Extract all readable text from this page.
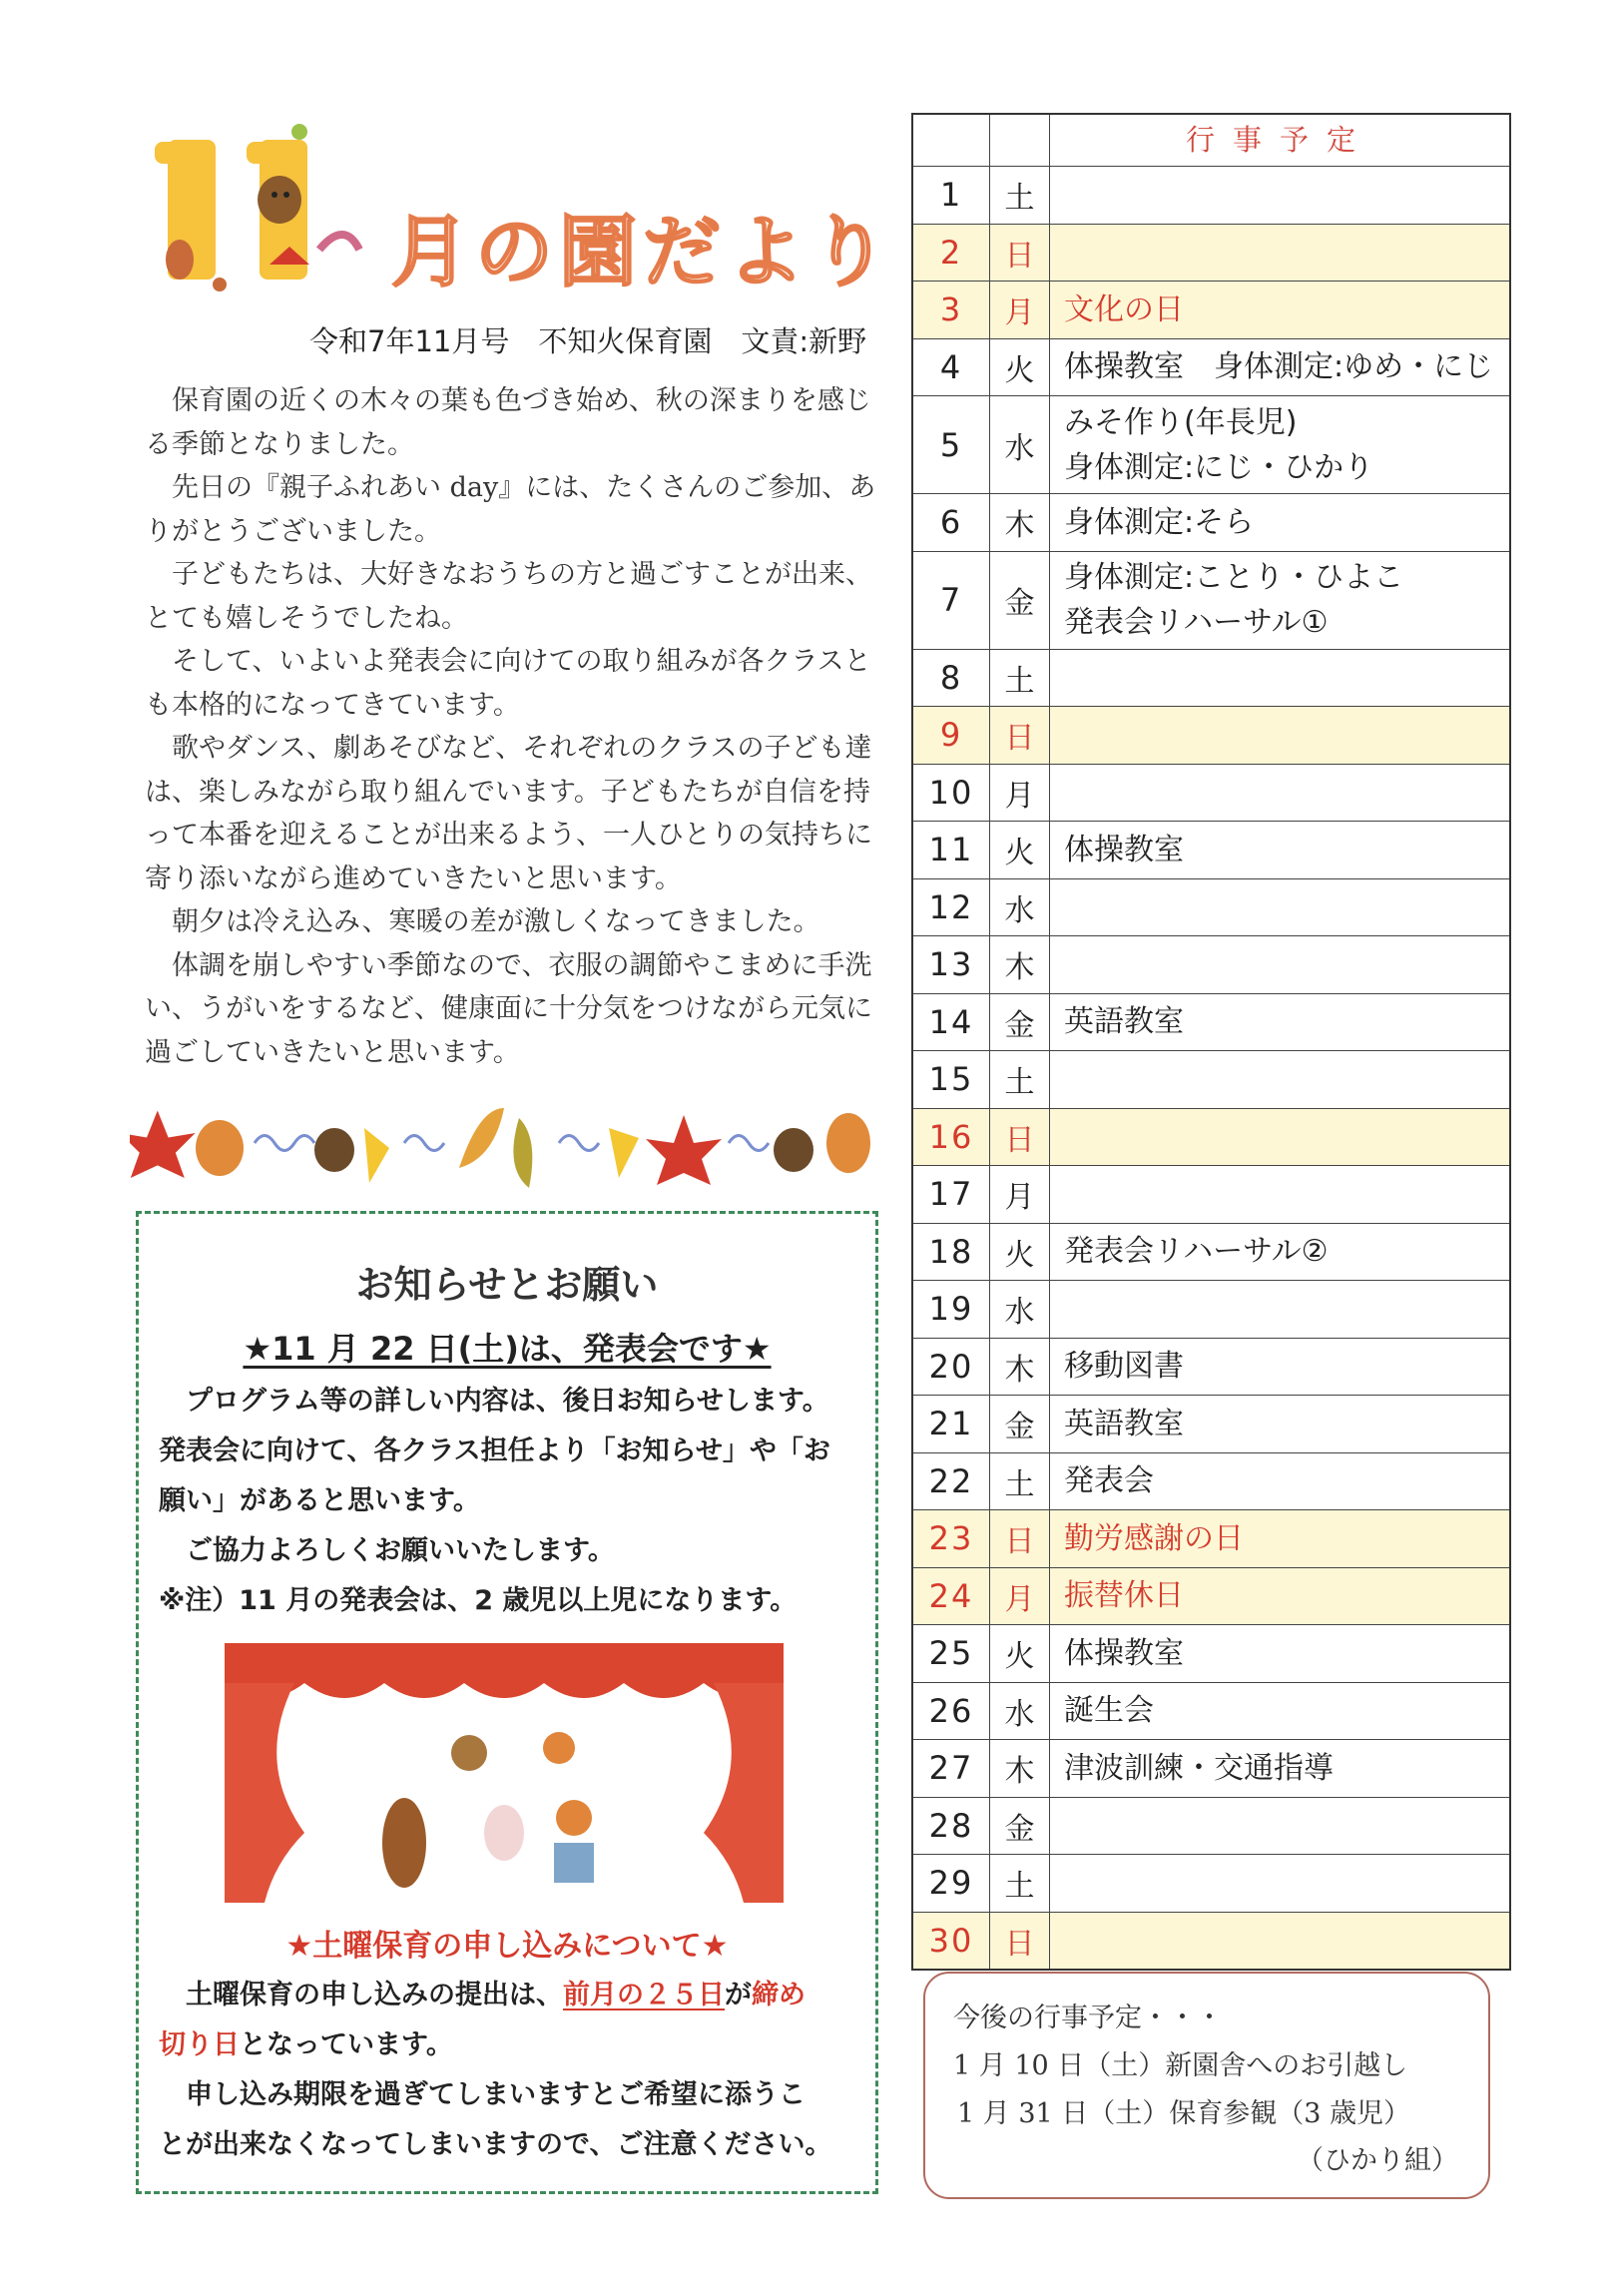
月の園だより
令和7年11月号　不知火保育園　文責:新野

保育園の近くの木々の葉も色づき始め、秋の深まりを感じる季節となりました。

先日の『親子ふれあい day』には、たくさんのご参加、ありがとうございました。

子どもたちは、大好きなおうちの方と過ごすことが出来、とても嬉しそうでしたね。

そして、いよいよ発表会に向けての取り組みが各クラスとも本格的になってきています。

歌やダンス、劇あそびなど、それぞれのクラスの子ども達は、楽しみながら取り組んでいます。子どもたちが自信を持って本番を迎えることが出来るよう、一人ひとりの気持ちに寄り添いながら進めていきたいと思います。

朝夕は冷え込み、寒暖の差が激しくなってきました。

体調を崩しやすい季節なので、衣服の調節やこまめに手洗い、うがいをするなど、健康面に十分気をつけながら元気に過ごしていきたいと思います。

お知らせとお願い
★11 月 22 日(土)は、発表会です★
　プログラム等の詳しい内容は、後日お知らせします。
発表会に向けて、各クラス担任より「お知らせ」や「お
願い」があると思います。
　ご協力よろしくお願いいたします。
※注）11 月の発表会は、2 歳児以上児になります。
★土曜保育の申し込みについて★
　土曜保育の申し込みの提出は、前月の２５日が締め
切り日となっています。
　申し込み期限を過ぎてしまいますとご希望に添うこ
とが出来なくなってしまいますので、ご注意ください。
		行事予定
1	土	
2	日	
3	月	文化の日

4	火	体操教室　身体測定:ゆめ・にじ

5	水	みそ作り(年長児)
身体測定:にじ・ひかり

6	木	身体測定:そら

7	金	身体測定:ことり・ひよこ
発表会リハーサル①

8	土	
9	日	
10	月	
11	火	体操教室

12	水	
13	木	
14	金	英語教室

15	土	
16	日	
17	月	
18	火	発表会リハーサル②

19	水	
20	木	移動図書

21	金	英語教室

22	土	発表会

23	日	勤労感謝の日

24	月	振替休日

25	火	体操教室

26	水	誕生会

27	木	津波訓練・交通指導

28	金	
29	土	
30	日	
今後の行事予定・・・
1 月 10 日（土）新園舎へのお引越し
1 月 31 日（土）保育参観（3 歳児）
（ひかり組）
